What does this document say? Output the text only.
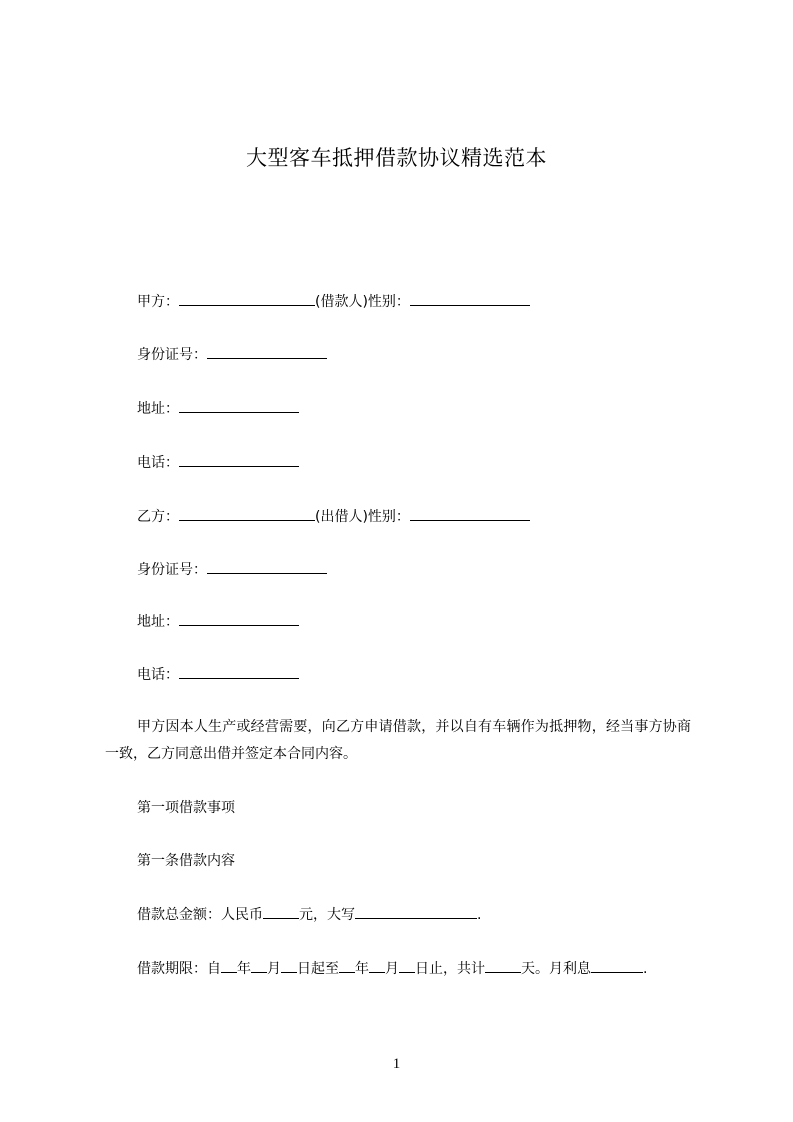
大型客车抵押借款协议精选范本
甲方：	(借款人)性别：
身份证号：
地址：
电话：
乙方：	(出借人)性别：
身份证号：
地址：
电话：
甲方因本人生产或经营需要，向乙方申请借款，并以自有车辆作为抵押物，经当事方协商一致，乙方同意出借并签定本合同内容。
第一项借款事项
第一条借款内容
借款总金额：人民币	元，大写	.
借款期限：自 年 月 日起至 年 月 日止，共计	天。月利息	.
1
